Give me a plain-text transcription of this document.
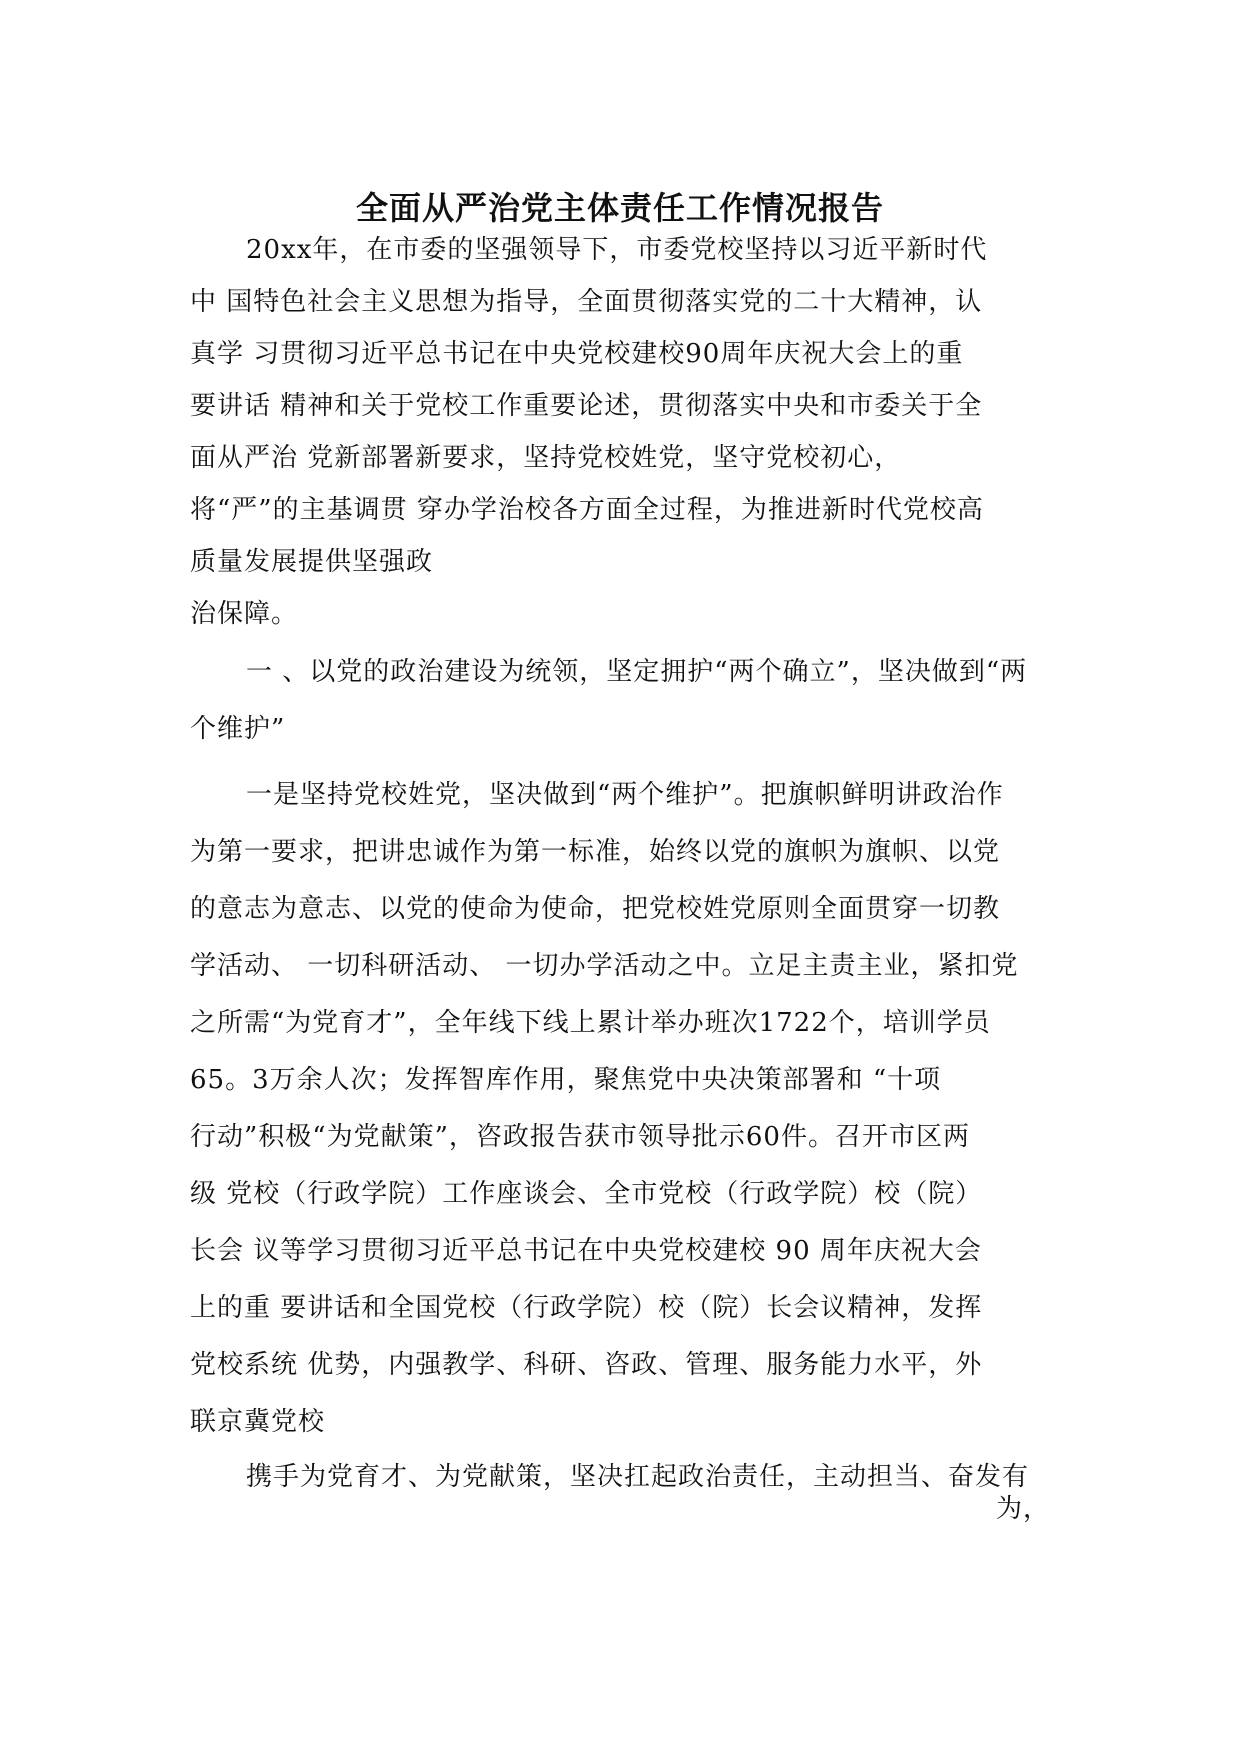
全面从严治党主体责任工作情况报告
20xx年，在市委的坚强领导下，市委党校坚持以习近平新时代
中 国特色社会主义思想为指导，全面贯彻落实党的二十大精神，认
真学 习贯彻习近平总书记在中央党校建校90周年庆祝大会上的重
要讲话 精神和关于党校工作重要论述，贯彻落实中央和市委关于全
面从严治 党新部署新要求，坚持党校姓党，坚守党校初心，
将“严”的主基调贯 穿办学治校各方面全过程，为推进新时代党校高
质量发展提供坚强政
治保障。
一 、以党的政治建设为统领，坚定拥护“两个确立”，坚决做到“两
个维护”
一是坚持党校姓党，坚决做到“两个维护”。把旗帜鲜明讲政治作
为第一要求，把讲忠诚作为第一标准，始终以党的旗帜为旗帜、以党
的意志为意志、以党的使命为使命，把党校姓党原则全面贯穿一切教
学活动、 一切科研活动、 一切办学活动之中。立足主责主业，紧扣党
之所需“为党育才”，全年线下线上累计举办班次1722个，培训学员
65。3万余人次；发挥智库作用，聚焦党中央决策部署和 “十项
行动”积极“为党献策”，咨政报告获市领导批示60件。召开市区两
级 党校（行政学院）工作座谈会、全市党校（行政学院）校（院）
长会 议等学习贯彻习近平总书记在中央党校建校 90 周年庆祝大会
上的重 要讲话和全国党校（行政学院）校（院）长会议精神，发挥
党校系统 优势，内强教学、科研、咨政、管理、服务能力水平，外
联京冀党校
携手为党育才、为党献策，坚决扛起政治责任，主动担当、奋发有
为，
